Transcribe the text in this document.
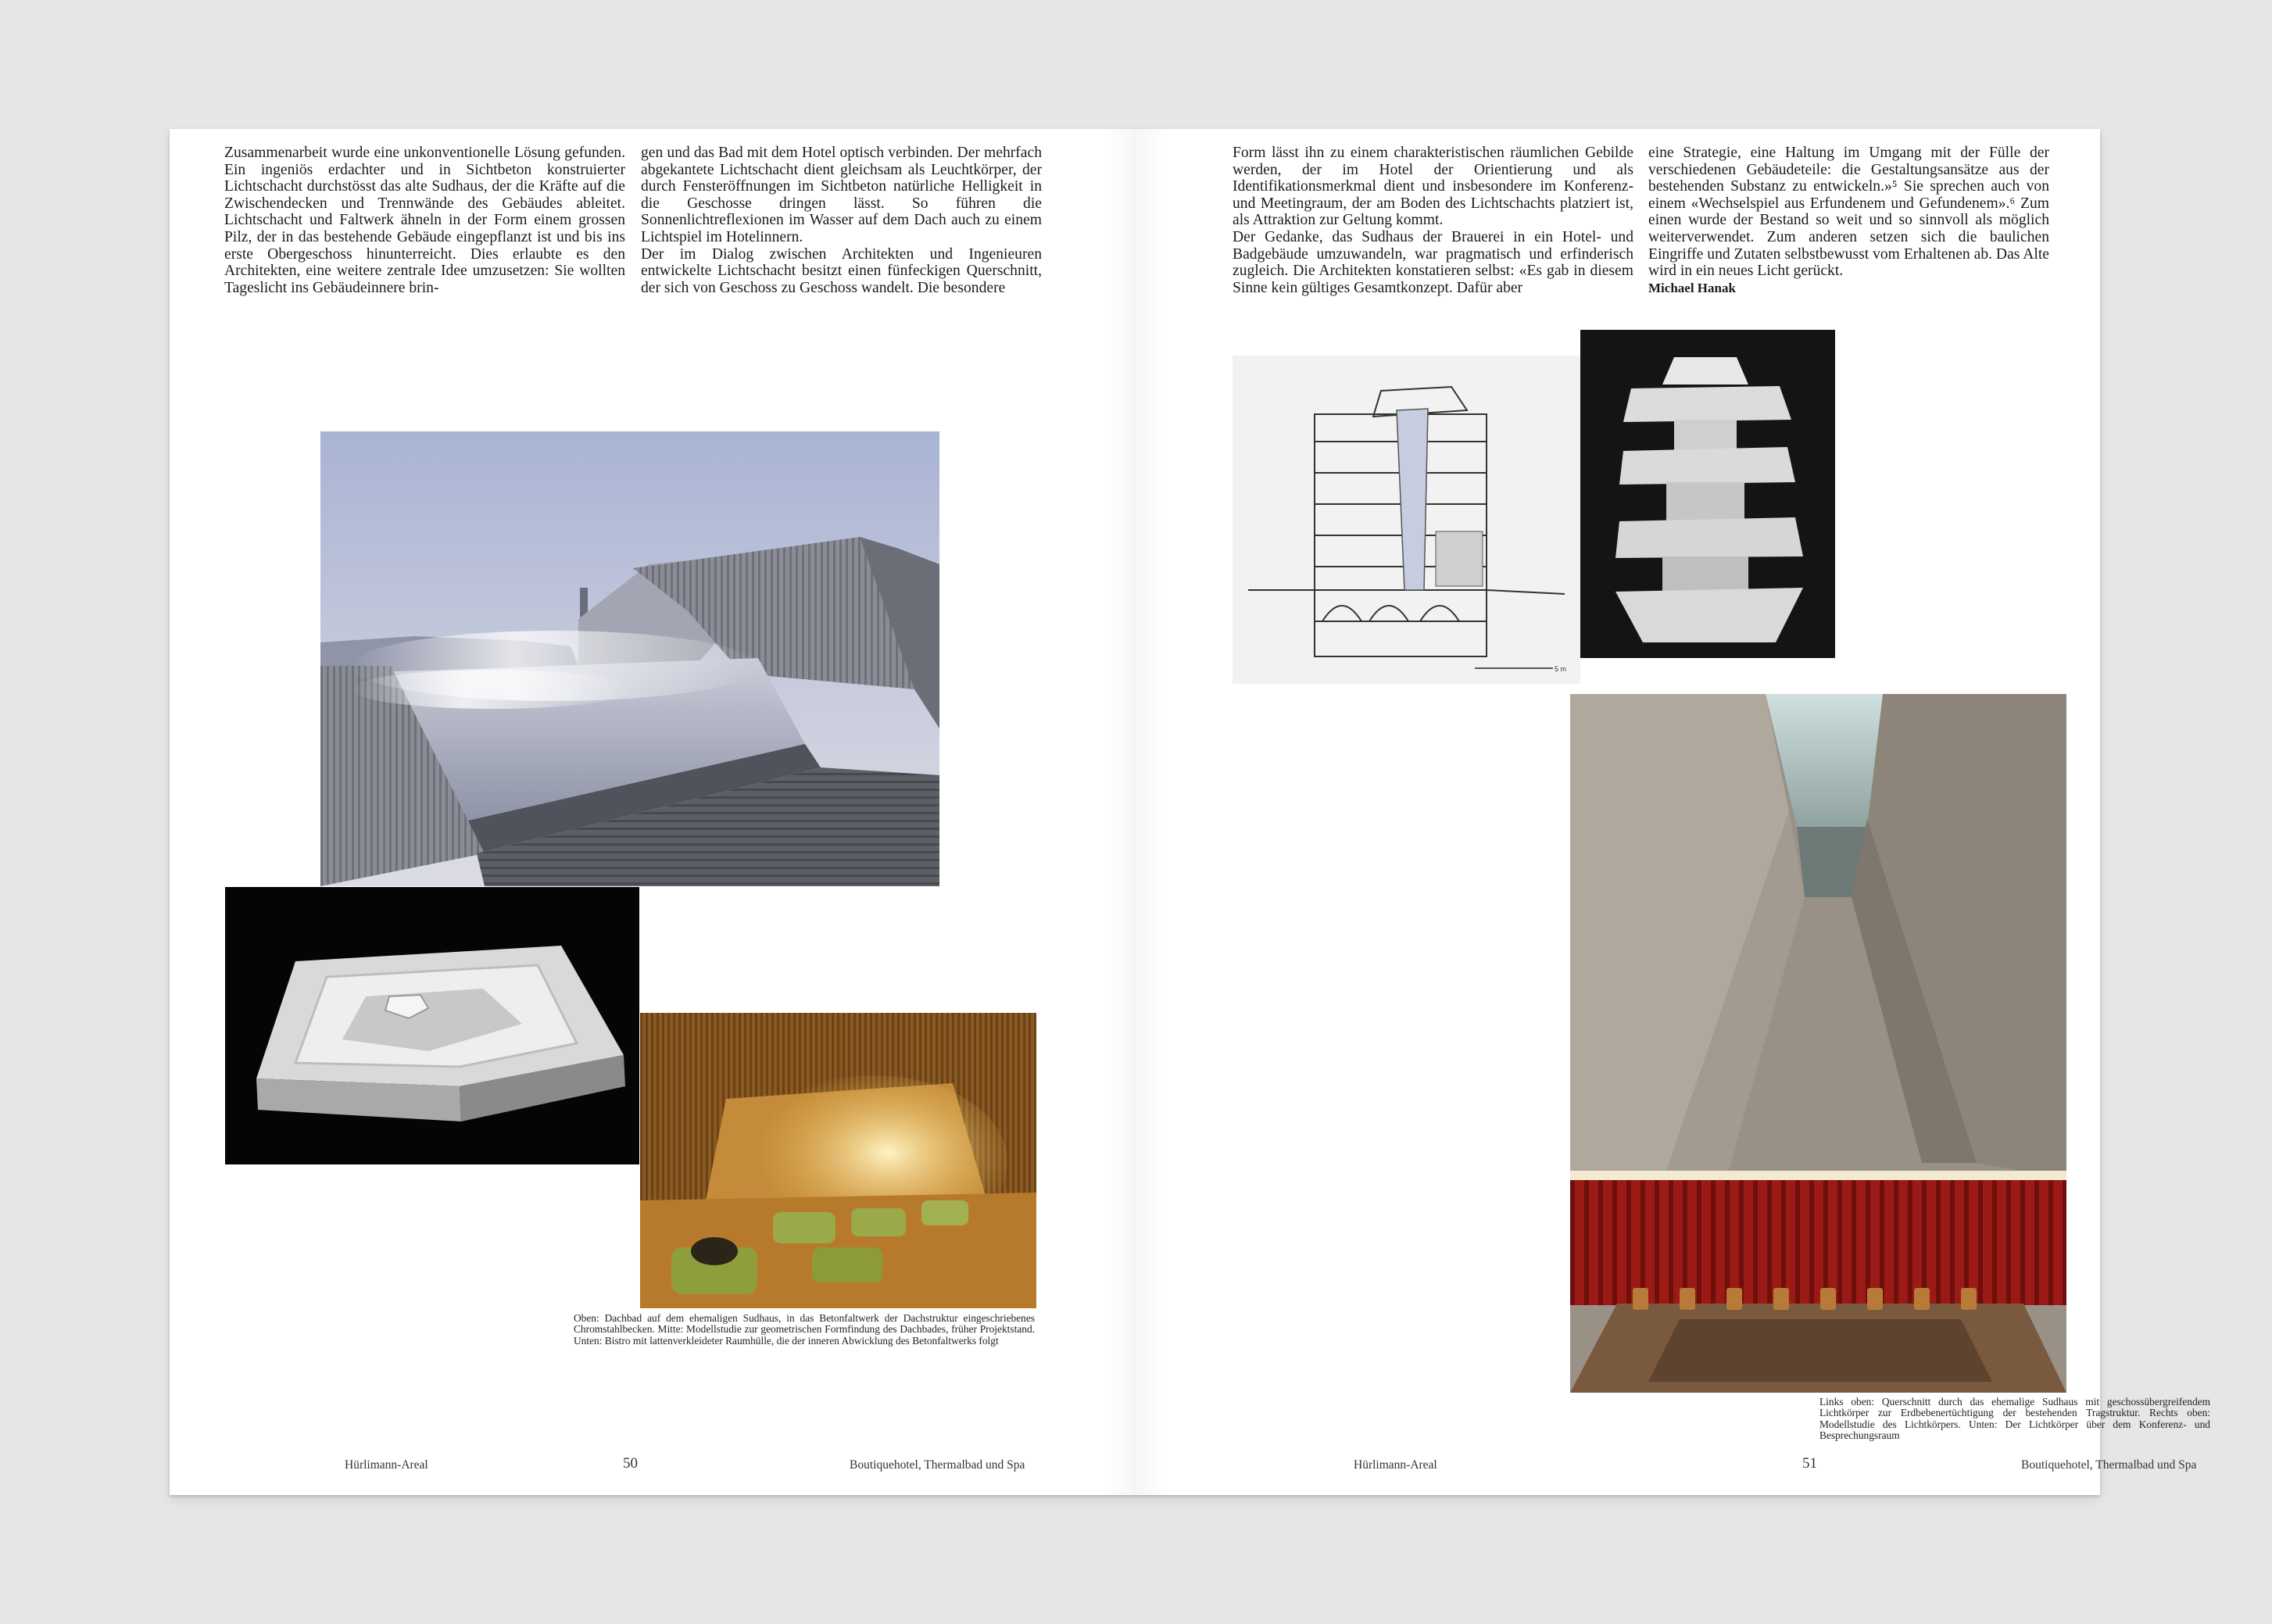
Zusammenarbeit wurde eine unkonventionelle Lösung gefunden. Ein ingeniös erdachter und in Sichtbeton konstruierter Lichtschacht durchstösst das alte Sudhaus, der die Kräfte auf die Zwischendecken und Trennwände des Gebäudes ableitet. Lichtschacht und Faltwerk ähneln in der Form einem grossen Pilz, der in das bestehende Gebäude eingepflanzt ist und bis ins erste Obergeschoss hinunterreicht. Dies erlaubte es den Architekten, eine weitere zentrale Idee umzusetzen: Sie wollten Tageslicht ins Gebäudeinnere brin-

gen und das Bad mit dem Hotel optisch verbinden. Der mehrfach abgekantete Lichtschacht dient gleichsam als Leuchtkörper, der durch Fensteröffnungen im Sichtbeton natürliche Helligkeit in die Geschosse dringen lässt. So führen die Sonnenlichtreflexionen im Wasser auf dem Dach auch zu einem Lichtspiel im Hotelinnern.

Der im Dialog zwischen Architekten und Ingenieuren entwickelte Lichtschacht besitzt einen fünfeckigen Querschnitt, der sich von Geschoss zu Geschoss wandelt. Die besondere

Oben: Dachbad auf dem ehemaligen Sudhaus, in das Betonfaltwerk der Dachstruktur eingeschriebenes Chromstahlbecken. Mitte: Modellstudie zur geometrischen Formfindung des Dachbades, früher Projektstand. Unten: Bistro mit lattenverkleideter Raumhülle, die der inneren Abwicklung des Betonfaltwerks folgt
Hürlimann-Areal	50	Boutiquehotel, Thermalbad und Spa

Form lässt ihn zu einem charakteristischen räumlichen Gebilde werden, der im Hotel der Orientierung und als Identifikationsmerkmal dient und insbesondere im Konferenz- und Meetingraum, der am Boden des Lichtschachts platziert ist, als Attraktion zur Geltung kommt.

Der Gedanke, das Sudhaus der Brauerei in ein Hotel- und Badgebäude umzuwandeln, war pragmatisch und erfinderisch zugleich. Die Architekten konstatieren selbst: «Es gab in diesem Sinne kein gültiges Gesamtkonzept. Dafür aber

eine Strategie, eine Haltung im Umgang mit der Fülle der verschiedenen Gebäudeteile: die Gestaltungsansätze aus der bestehenden Substanz zu entwickeln.»⁵ Sie sprechen auch von einem «Wechselspiel aus Erfundenem und Gefundenem».⁶ Zum einen wurde der Bestand so weit und so sinnvoll als möglich weiterverwendet. Zum anderen setzen sich die baulichen Eingriffe und Zutaten selbstbewusst vom Erhaltenen ab. Das Alte wird in ein neues Licht gerückt.

Michael Hanak

5 m
Links oben: Querschnitt durch das ehemalige Sudhaus mit geschossübergreifendem Lichtkörper zur Erdbebenertüchtigung der bestehenden Tragstruktur. Rechts oben: Modellstudie des Lichtkörpers. Unten: Der Lichtkörper über dem Konferenz- und Besprechungsraum
Hürlimann-Areal	51	Boutiquehotel, Thermalbad und Spa
